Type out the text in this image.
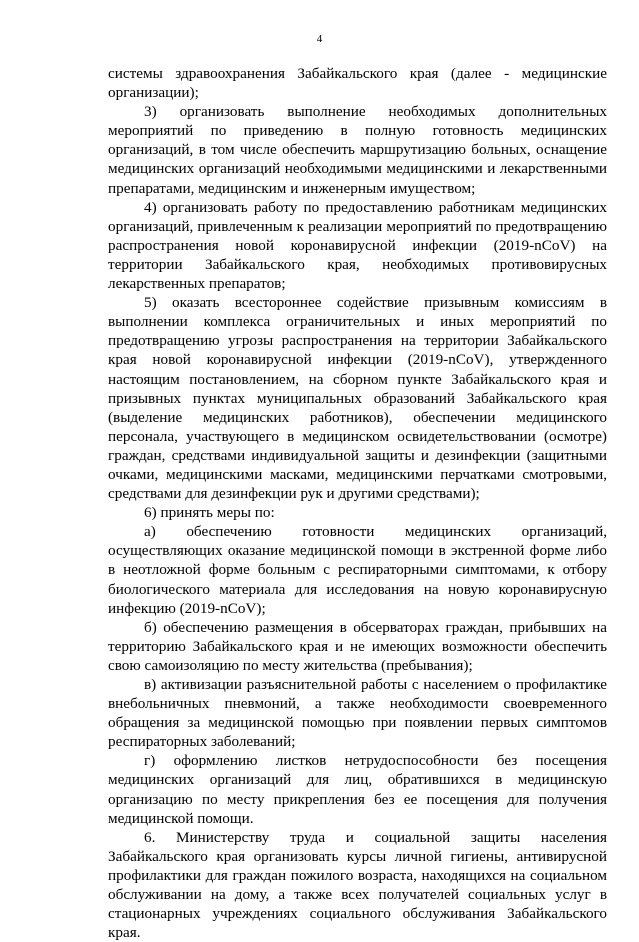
4

системы здравоохранения Забайкальского края (далее - медицинские организации);

3) организовать выполнение необходимых дополнительных мероприятий по приведению в полную готовность медицинских организаций, в том числе обеспечить маршрутизацию больных, оснащение медицинских организаций необходимыми медицинскими и лекарственными препаратами, медицинским и инженерным имуществом;

4) организовать работу по предоставлению работникам медицинских организаций, привлеченным к реализации мероприятий по предотвращению распространения новой коронавирусной инфекции (2019-nCoV) на территории Забайкальского края, необходимых противовирусных лекарственных препаратов;

5) оказать всестороннее содействие призывным комиссиям в выполнении комплекса ограничительных и иных мероприятий по предотвращению угрозы распространения на территории Забайкальского края новой коронавирусной инфекции (2019-nCoV), утвержденного настоящим постановлением, на сборном пункте Забайкальского края и призывных пунктах муниципальных образований Забайкальского края (выделение медицинских работников), обеспечении медицинского персонала, участвующего в медицинском освидетельствовании (осмотре) граждан, средствами индивидуальной защиты и дезинфекции (защитными очками, медицинскими масками, медицинскими перчатками смотровыми, средствами для дезинфекции рук и другими средствами);

6) принять меры по:

а) обеспечению готовности медицинских организаций, осуществляющих оказание медицинской помощи в экстренной форме либо в неотложной форме больным с респираторными симптомами, к отбору биологического материала для исследования на новую коронавирусную инфекцию (2019-nCoV);

б) обеспечению размещения в обсерваторах граждан, прибывших на территорию Забайкальского края и не имеющих возможности обеспечить свою самоизоляцию по месту жительства (пребывания);

в) активизации разъяснительной работы с населением о профилактике внебольничных пневмоний, а также необходимости своевременного обращения за медицинской помощью при появлении первых симптомов респираторных заболеваний;

г) оформлению листков нетрудоспособности без посещения медицинских организаций для лиц, обратившихся в медицинскую организацию по месту прикрепления без ее посещения для получения медицинской помощи.

6. Министерству труда и социальной защиты населения Забайкальского края организовать курсы личной гигиены, антивирусной профилактики для граждан пожилого возраста, находящихся на социальном обслуживании на дому, а также всех получателей социальных услуг в стационарных учреждениях социального обслуживания Забайкальского края.
